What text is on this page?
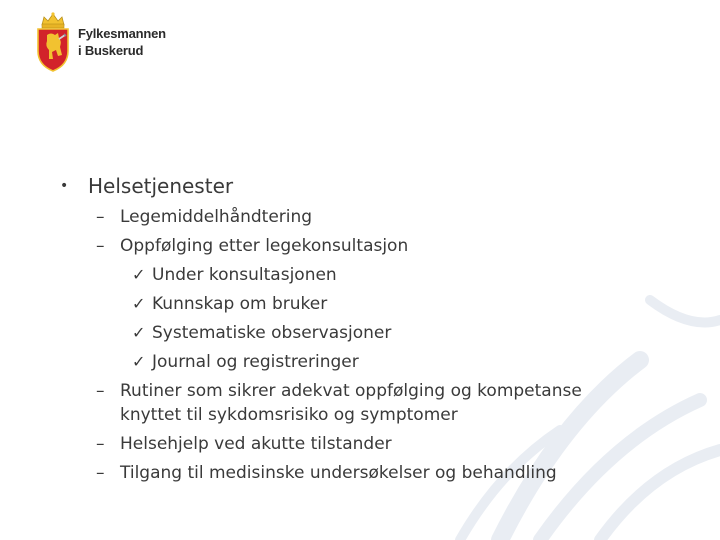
Fylkesmannen
i Buskerud
• Helsetjenester
– Legemiddelhåndtering
– Oppfølging etter legekonsultasjon
✓ Under konsultasjonen
✓ Kunnskap om bruker
✓ Systematiske observasjoner
✓ Journal og registreringer
– Rutiner som sikrer adekvat oppfølging og kompetanse
knyttet til sykdomsrisiko og symptomer
– Helsehjelp ved akutte tilstander
– Tilgang til medisinske undersøkelser og behandling
